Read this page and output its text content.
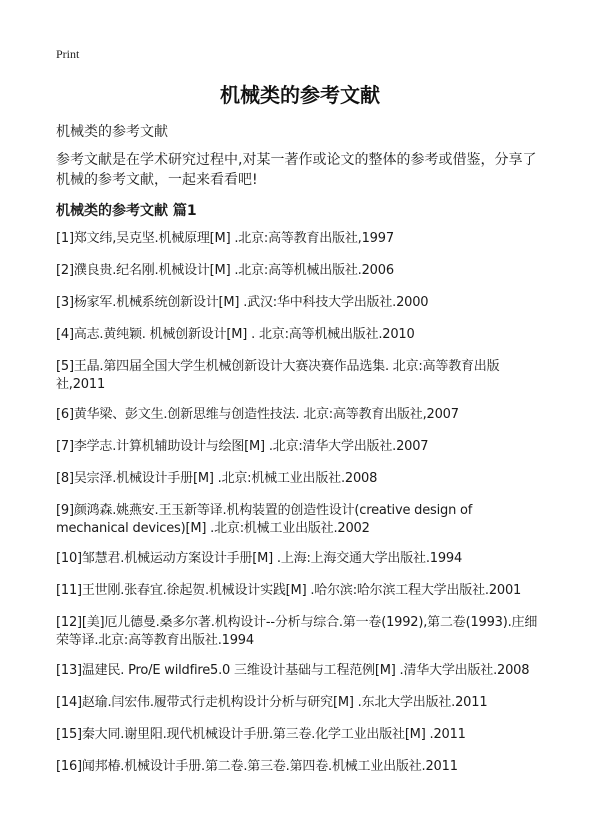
Print
机械类的参考文献

机械类的参考文献

参考文献是在学术研究过程中,对某一著作或论文的整体的参考或借鉴，分享了机械的参考文献，一起来看看吧!

机械类的参考文献 篇1

[1]郑文纬,吴克坚.机械原理[M] .北京:高等教育出版社,1997
[2]濮良贵.纪名刚.机械设计[M] .北京:高等机械出版社.2006
[3]杨家军.机械系统创新设计[M] .武汉:华中科技大学出版社.2000
[4]高志.黄纯颖. 机械创新设计[M] . 北京:高等机械出版社.2010
[5]王晶.第四届全国大学生机械创新设计大赛决赛作品选集. 北京:高等教育出版社,2011
[6]黄华梁、彭文生.创新思维与创造性技法. 北京:高等教育出版社,2007
[7]李学志.计算机辅助设计与绘图[M] .北京:清华大学出版社.2007
[8]吴宗泽.机械设计手册[M] .北京:机械工业出版社.2008
[9]颜鸿森.姚燕安.王玉新等译.机构装置的创造性设计(creative design of mechanical devices)[M] .北京:机械工业出版社.2002
[10]邹慧君.机械运动方案设计手册[M] .上海:上海交通大学出版社.1994
[11]王世刚.张春宜.徐起贺.机械设计实践[M] .哈尔滨:哈尔滨工程大学出版社.2001
[12][美]厄儿德曼.桑多尔著.机构设计--分析与综合.第一卷(1992),第二卷(1993).庄细荣等译.北京:高等教育出版社.1994
[13]温建民. Pro/E wildfire5.0 三维设计基础与工程范例[M] .清华大学出版社.2008
[14]赵瑜.闫宏伟.履带式行走机构设计分析与研究[M] .东北大学出版社.2011
[15]秦大同.谢里阳.现代机械设计手册.第三卷.化学工业出版社[M] .2011
[16]闻邦椿.机械设计手册.第二卷.第三卷.第四卷.机械工业出版社.2011
